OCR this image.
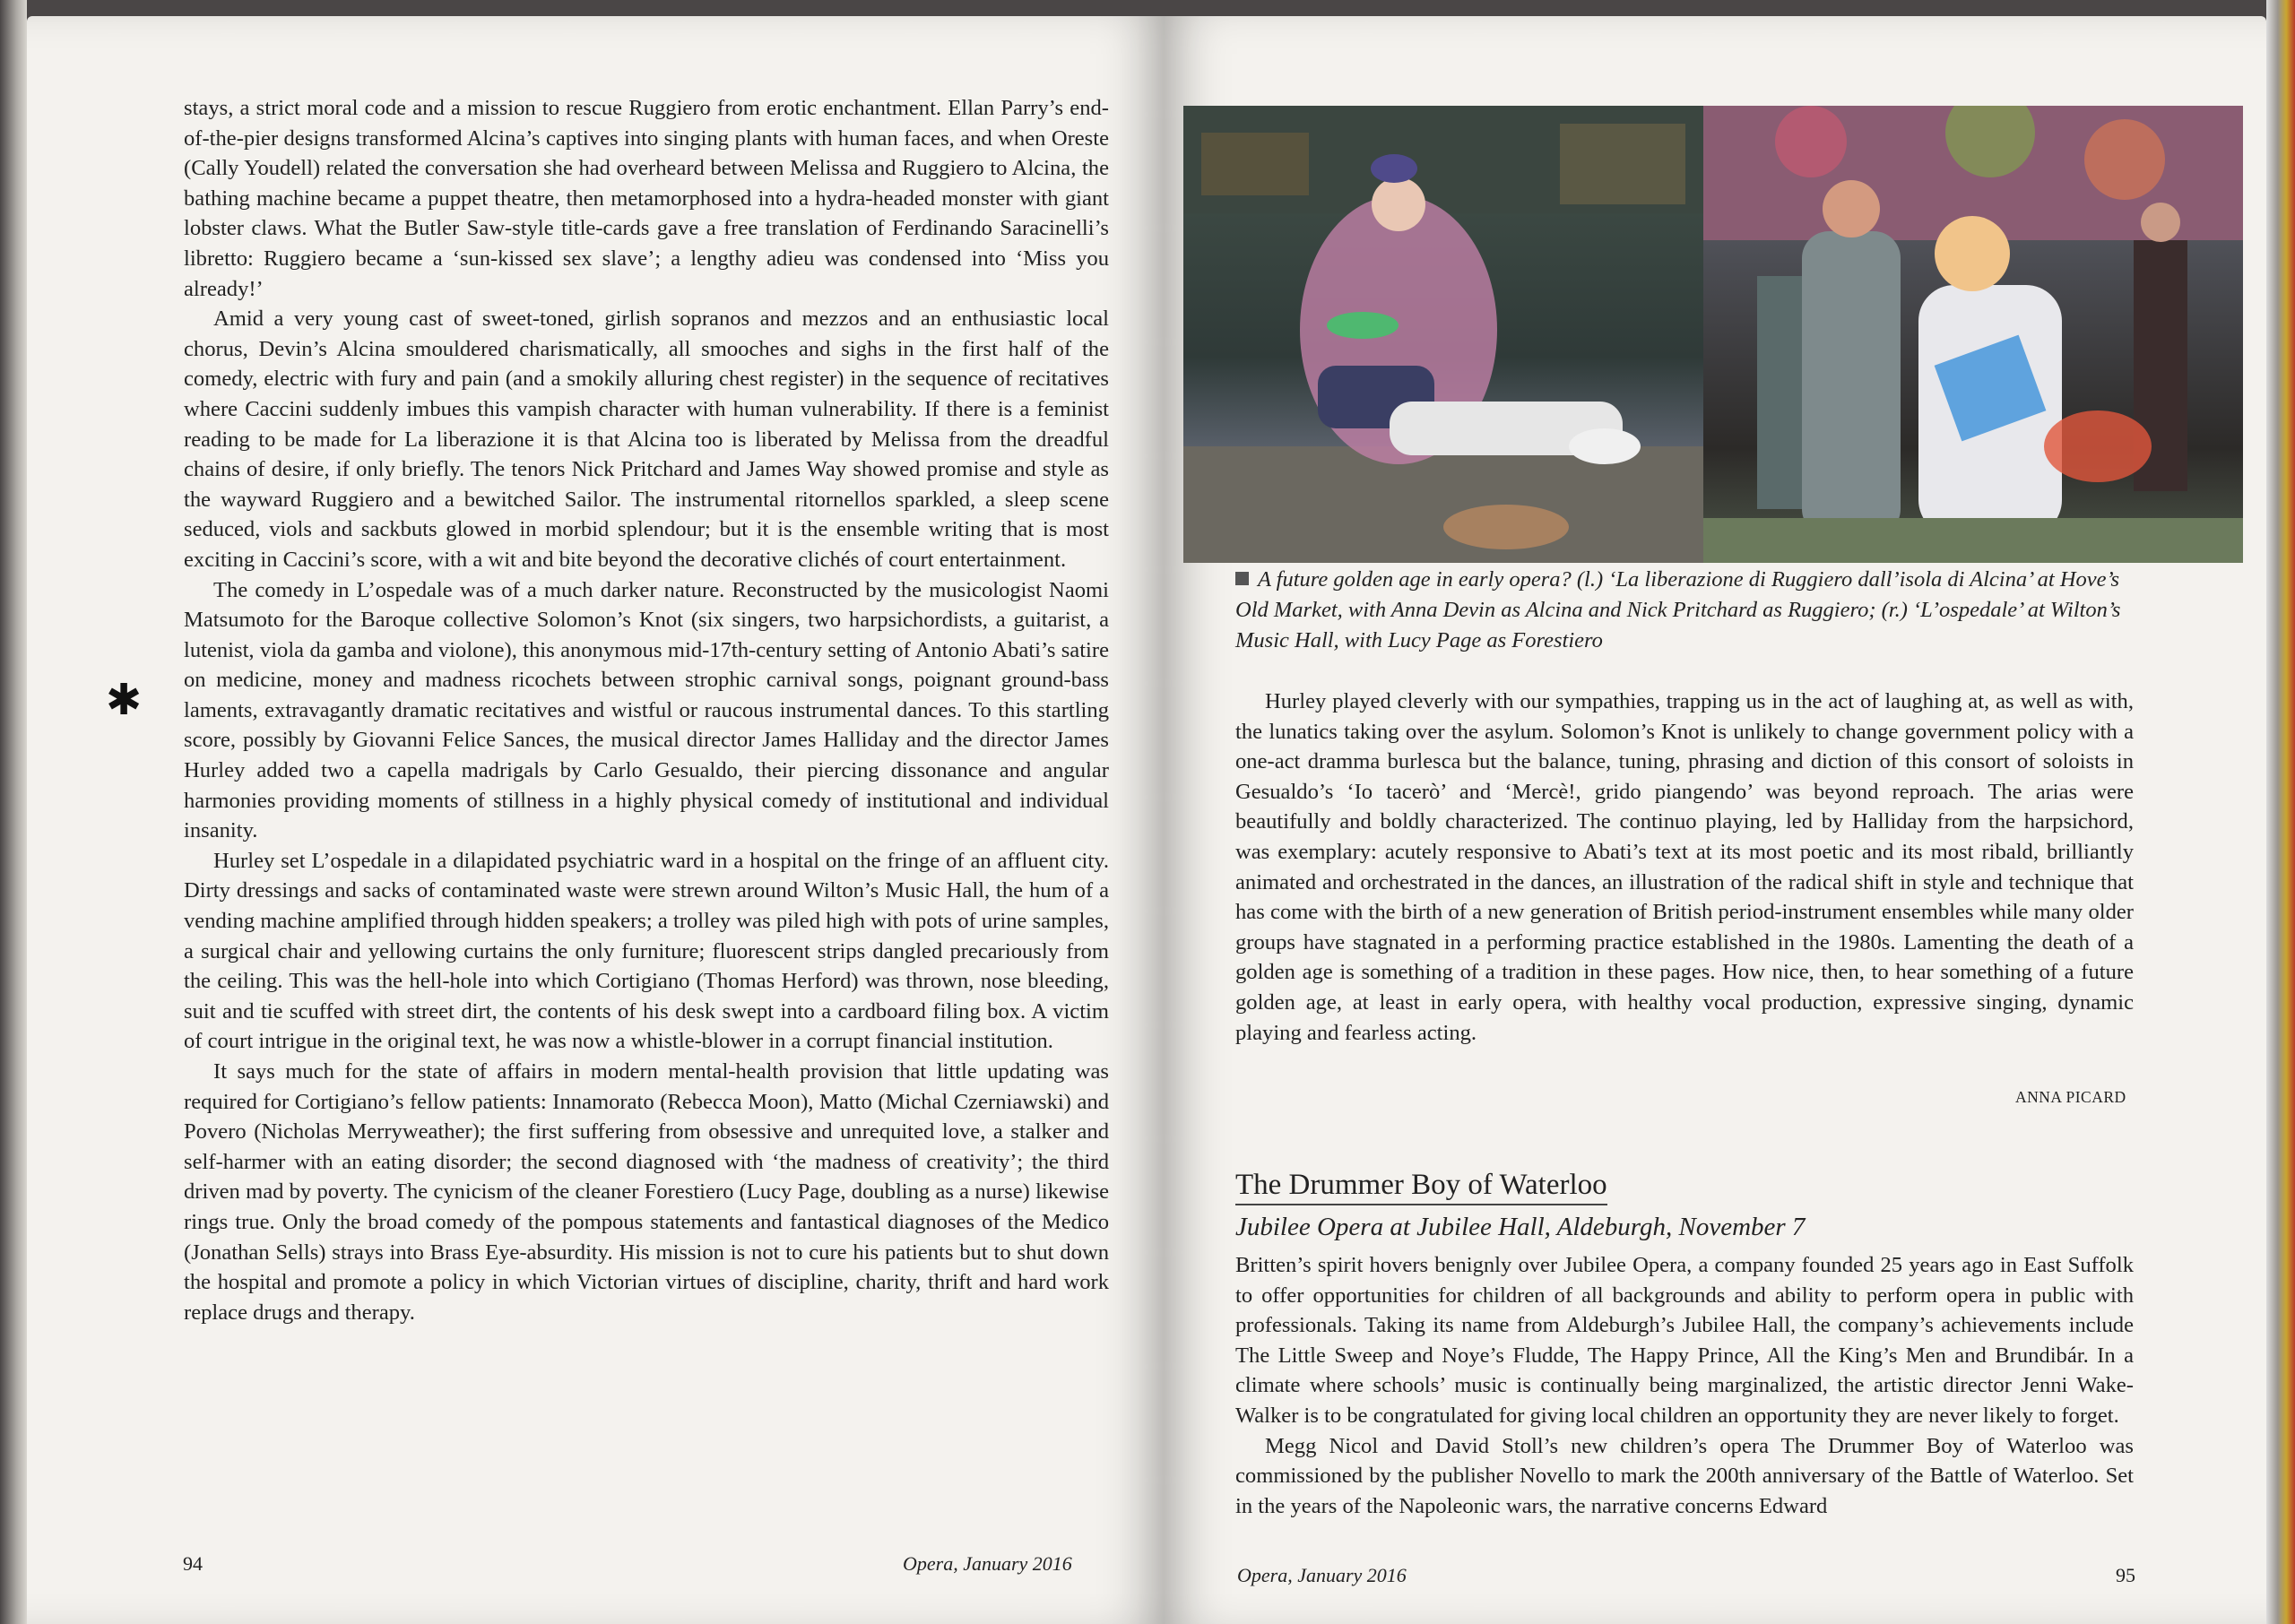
✱

stays, a strict moral code and a mission to rescue Ruggiero from erotic enchantment. Ellan Parry’s end-of-the-pier designs transformed Alcina’s captives into singing plants with human faces, and when Oreste (Cally Youdell) related the conversation she had overheard between Melissa and Ruggiero to Alcina, the bathing machine became a puppet theatre, then metamorphosed into a hydra-headed monster with giant lobster claws. What the Butler Saw-style title-cards gave a free translation of Ferdinando Saracinelli’s libretto: Ruggiero became a ‘sun-kissed sex slave’; a lengthy adieu was condensed into ‘Miss you already!’

Amid a very young cast of sweet-toned, girlish sopranos and mezzos and an enthusiastic local chorus, Devin’s Alcina smouldered charismatically, all smooches and sighs in the first half of the comedy, electric with fury and pain (and a smokily alluring chest register) in the sequence of recitatives where Caccini suddenly imbues this vampish character with human vulnerability. If there is a feminist reading to be made for La liberazione it is that Alcina too is liberated by Melissa from the dreadful chains of desire, if only briefly. The tenors Nick Pritchard and James Way showed promise and style as the wayward Ruggiero and a bewitched Sailor. The instrumental ritornellos sparkled, a sleep scene seduced, viols and sackbuts glowed in morbid splendour; but it is the ensemble writing that is most exciting in Caccini’s score, with a wit and bite beyond the decorative clichés of court entertainment.

The comedy in L’ospedale was of a much darker nature. Reconstructed by the musicologist Naomi Matsumoto for the Baroque collective Solomon’s Knot (six singers, two harpsichordists, a guitarist, a lutenist, viola da gamba and violone), this anonymous mid-17th-century setting of Antonio Abati’s satire on medicine, money and madness ricochets between strophic carnival songs, poignant ground-bass laments, extravagantly dramatic recitatives and wistful or raucous instrumental dances. To this startling score, possibly by Giovanni Felice Sances, the musical director James Halliday and the director James Hurley added two a capella madrigals by Carlo Gesualdo, their piercing dissonance and angular harmonies providing moments of stillness in a highly physical comedy of institutional and individual insanity.

Hurley set L’ospedale in a dilapidated psychiatric ward in a hospital on the fringe of an affluent city. Dirty dressings and sacks of contaminated waste were strewn around Wilton’s Music Hall, the hum of a vending machine amplified through hidden speakers; a trolley was piled high with pots of urine samples, a surgical chair and yellowing curtains the only furniture; fluorescent strips dangled precariously from the ceiling. This was the hell-hole into which Cortigiano (Thomas Herford) was thrown, nose bleeding, suit and tie scuffed with street dirt, the contents of his desk swept into a cardboard filing box. A victim of court intrigue in the original text, he was now a whistle-blower in a corrupt financial institution.

It says much for the state of affairs in modern mental-health provision that little updating was required for Cortigiano’s fellow patients: Innamorato (Rebecca Moon), Matto (Michal Czerniawski) and Povero (Nicholas Merryweather); the first suffering from obsessive and unrequited love, a stalker and self-harmer with an eating disorder; the second diagnosed with ‘the madness of creativity’; the third driven mad by poverty. The cynicism of the cleaner Forestiero (Lucy Page, doubling as a nurse) likewise rings true. Only the broad comedy of the pompous statements and fantastical diagnoses of the Medico (Jonathan Sells) strays into Brass Eye-absurdity. His mission is not to cure his patients but to shut down the hospital and promote a policy in which Victorian virtues of discipline, charity, thrift and hard work replace drugs and therapy.

94	Opera, January 2016
A future golden age in early opera? (l.) ‘La liberazione di Ruggiero dall’isola di Alcina’ at Hove’s Old Market, with Anna Devin as Alcina and Nick Pritchard as Ruggiero; (r.) ‘L’ospedale’ at Wilton’s Music Hall, with Lucy Page as Forestiero

Hurley played cleverly with our sympathies, trapping us in the act of laughing at, as well as with, the lunatics taking over the asylum. Solomon’s Knot is unlikely to change government policy with a one-act dramma burlesca but the balance, tuning, phrasing and diction of this consort of soloists in Gesualdo’s ‘Io tacerò’ and ‘Mercè!, grido piangendo’ was beyond reproach. The arias were beautifully and boldly characterized. The continuo playing, led by Halliday from the harpsichord, was exemplary: acutely responsive to Abati’s text at its most poetic and its most ribald, brilliantly animated and orchestrated in the dances, an illustration of the radical shift in style and technique that has come with the birth of a new generation of British period-instrument ensembles while many older groups have stagnated in a performing practice established in the 1980s. Lamenting the death of a golden age is something of a tradition in these pages. How nice, then, to hear something of a future golden age, at least in early opera, with healthy vocal production, expressive singing, dynamic playing and fearless acting.

ANNA PICARD
The Drummer Boy of Waterloo
Jubilee Opera at Jubilee Hall, Aldeburgh, November 7

Britten’s spirit hovers benignly over Jubilee Opera, a company founded 25 years ago in East Suffolk to offer opportunities for children of all backgrounds and ability to perform opera in public with professionals. Taking its name from Aldeburgh’s Jubilee Hall, the company’s achievements include The Little Sweep and Noye’s Fludde, The Happy Prince, All the King’s Men and Brundibár. In a climate where schools’ music is continually being marginalized, the artistic director Jenni Wake-Walker is to be congratulated for giving local children an opportunity they are never likely to forget.

Megg Nicol and David Stoll’s new children’s opera The Drummer Boy of Waterloo was commissioned by the publisher Novello to mark the 200th anniversary of the Battle of Waterloo. Set in the years of the Napoleonic wars, the narrative concerns Edward

Opera, January 2016	95
